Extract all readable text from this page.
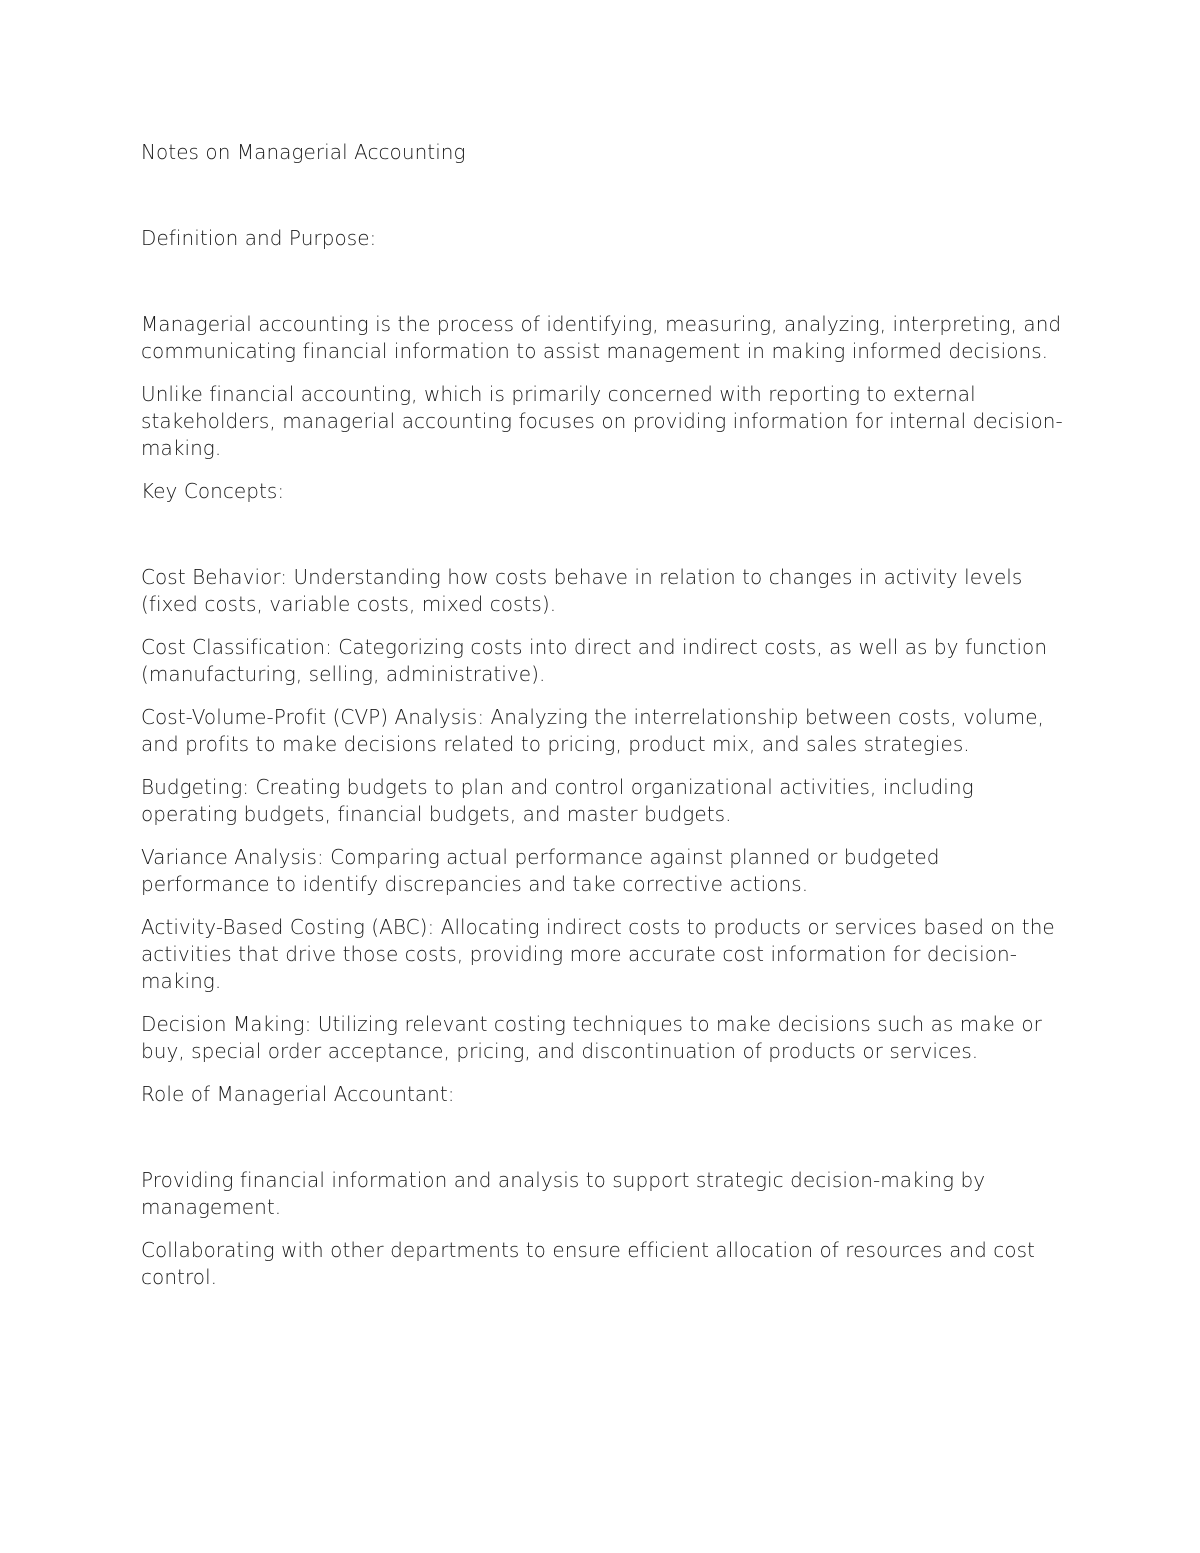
Notes on Managerial Accounting

Definition and Purpose:

Managerial accounting is the process of identifying, measuring, analyzing, interpreting, and communicating financial information to assist management in making informed decisions.

Unlike financial accounting, which is primarily concerned with reporting to external stakeholders, managerial accounting focuses on providing information for internal decision-making.

Key Concepts:

Cost Behavior: Understanding how costs behave in relation to changes in activity levels (fixed costs, variable costs, mixed costs).

Cost Classification: Categorizing costs into direct and indirect costs, as well as by function (manufacturing, selling, administrative).

Cost-Volume-Profit (CVP) Analysis: Analyzing the interrelationship between costs, volume, and profits to make decisions related to pricing, product mix, and sales strategies.

Budgeting: Creating budgets to plan and control organizational activities, including operating budgets, financial budgets, and master budgets.

Variance Analysis: Comparing actual performance against planned or budgeted performance to identify discrepancies and take corrective actions.

Activity-Based Costing (ABC): Allocating indirect costs to products or services based on the activities that drive those costs, providing more accurate cost information for decision-making.

Decision Making: Utilizing relevant costing techniques to make decisions such as make or buy, special order acceptance, pricing, and discontinuation of products or services.

Role of Managerial Accountant:

Providing financial information and analysis to support strategic decision-making by management.

Collaborating with other departments to ensure efficient allocation of resources and cost control.
